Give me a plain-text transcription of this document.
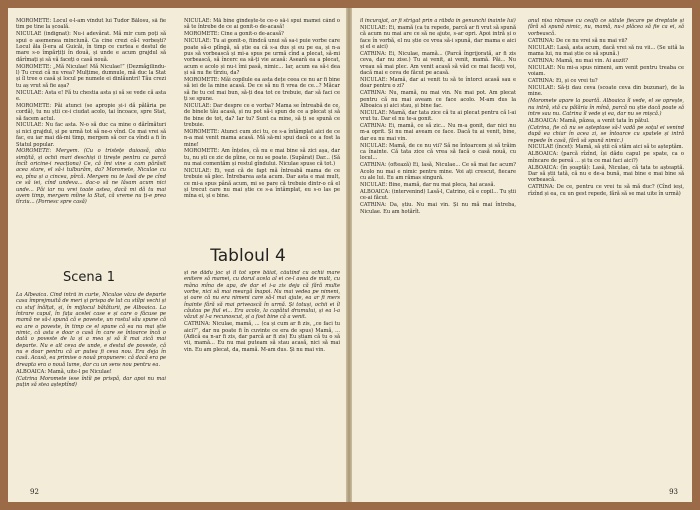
MOROMETE: Locul e-l-am vîndut lui Tudor Bălosu, să fie tim pe tine la școală.

NICULAE (indignat): Nu-i adevărat. Mă mir cum poți să spui o asemenea minciună. Ca cine crezi că-l vorbești? Locul ăla îl-era al Guicăi, în timp ce curtea e destul de mare s-o împărțiți în două, și unde e acum grajdul să dărîmați și să vă faceți o casă nouă.

MOROMETE: „Mă Niculae! Mă Niculae!” (Dezmăgilindu-l) Tu crezi că nu vrea? Mulțime, dumnule, mă duc la Stat și îl tree o casă și locul pe numele ei dinlăuntri! Tău crezi tu aș vrut să fie așa?

NICULAE: Asta e! Fă tu chestia asta și să se vede că asta e.

MOROMETE: Păi atunci (se apropie și-i dă pălăria pe cordă), tu nu știi ce-i ciudat acolo, tai încoace, spre Stat, să facem actul.

NICULAE: Nu fac asta. N-o să duc ca mine o dărîmături și nici grajdul, și pe urmă tot să ne-o vînd. Ce mai vrei să fac, eu iar mai dă-mi timp, mergem să cer ca vîndi a fi în Statul popular.

MOROMETE: Mergem. (Cu o tristețe duioasă, abia simțită, și ochii mari deschiși ii tirește pentru ca parcă încît oricine-i reacționa) Ce, că îmi vine a cam părăsit acea stare, el să-i tulburăm, da? Moromete, Niculae cu ea, pîna și a cincea, pîrcă. Mergem nu te lasă de pe cînd ce să iei, cînd undeva... dac-o să ne lăsam acum nici unde... Păi iar nu vrei toate astea, dacă mi dă tu mai avem timp, mergem mîine la Stat, că vreme nu ți-e prea tîrziu... (Pornesc spre casă)

NICULAE: Mă bine gîndește-te ce-o să-i spui mamei când o să te întrebe de ce ai gonit-o de-acasă!

MOROMETE: Cine a gonit-o de-acasă?

NICULAE: Tu ai gonit-o, fiindcă unui să sa-i puie vorbe care poate să-o plîngă, să știe ea că s-a dus și eu pe ea, și n-a pus să vorbească și mi-a spus pe urmă cînd a plecat, să-mi vorbească, să încerc ea să-ți vie acasă: Aseară ea a plecat, acum e acolo și nu-i îmi pasă, nimic... Iar, acum ea să-i dea și să nu fie tîrziu, da?

MOROMETE: Măi copilule ea asta dețe ceea ce nu ar fi bine să iei de la mine acasă. De ce să nu fi vrea de ce...? Măcar să fie tu cel mai bun, să-ți dea tot ce trebuie, dar să faci ce ți se spune.

NICULAE: Dar despre ce e vorba? Mama se întreabă de ce, de binele tău acasă, și nu pot să-i spun de ce a plecat și să fie bine de tot, da? Iar tu? Sunt ca mine, să ți se spună ce trebuie.

MOROMETE: Atunci cum zici tu, ce s-a întâmplat aici de ce n-a mai venit mama acasă. Mă să-mi spui dacă ce a fost la mine!

MOROMETE: Am înțeles, că nu e mai bine să zici așa, dar tu, nu ști ce zic de pîine, ce nu se poate. (Supărat) Dar... (Să nu mai comentăm și restul gîndului. Niculae spuse că tot.)

NICULAE: Ei, vezi că de fapt mă întreabă mama de ce trebuie să plec. Întrebarea asta acum. Dar asta e mai mult, ce mi-a spus până acum, mi se pare că trebuie dintr-o că el și trecut care nu mai știe ce s-a întâmplat, eu s-o las pe mîna ei, și e bine.

Tabloul 4
Scena 1

La Albeaica. Cînd intră în curte, Niculae văzu de departe casa împrejmuită de meri și prispa de lut cu stîlpi vechi și cu stuf înălțat, și, în mijlocul bătăturii, pe Alboaica. La întrare capul, în fața acelei case e și care o făcuse pe mamă ne să-i spună că e poveste, un rostul său spune că ea are o poveste, în timp ce el spune că ea nu mai știe nimic, că asta e doar o casă în care se întoarce încă o dată o poveste de la și a mea și să îl mai zică mai departe. Nu e alt ceva de unde, e destul de poveste, că nu e doar pentru că ar putea fi ceva nou. Era deja în casă. Acasă, ea primise o nouă propunere: că dacă era pe dreapta era o nouă lume, dar cu un sens nou pentru ea.

ALBOAICA: Mamă, uite-l pe Niculae!

(Catrina Moromete iese întîi pe prispă, dar apoi nu mai puțin să stea așteptînd)

și ne dădu joc și îl tot spre băiat, căutînd cu ochii mare enitere să mamei, cu dorul acela al ei ce-l avea de mult, cu mâna mîna de apa, de dar el i-a zis deja că fără multe vorbe, nici să mai meargă înapoi. Nu mai vedea pe nimeni, și oare că nu era nimeni care să-l mai ajute, ea ar fi mers înainte fără să mai privească în urmă. Și totuși, ochii ei îl căutau pe fiul ei... Era acolo, la capătul drumului, și ea l-a văzut și l-a recunoscut, și a fost bine că a venit.

CATRINA: Niculae, mamă, ... (ca și cum ar fi zis, „ce faci tu aici?”, dar nu poate fi în cuvinte ce era de spus) Mamă, ... (Adică ea n-ar fi zis, dar parcă ar fi zis) Eu știam că tu o să vii, mamă... Eu nu mai puteam să stau acasă, nici să mai vin. Eu am plecat, da, mamă. M-am dus. Și nu mai vin.

92

îl încurajat, ar fi strigat prin a răbda în genunchi înainte lui)

NICULAE: Ei, mamă (ca tu repede, parcă ar fi vrut să spună că acum nu mai are ce să ne ajute, s-ar opri. Apoi intră și o face în vorbă, el nu știe ce vrea să-i spună, dar mama e aici și el e aici)

CATRINA: Ei, Niculae, mamă... (Parcă îngrijorată, ar fi zis ceva, dar nu zise.) Tu ai venit, ai venit, mamă. Păi... Nu vreau să mai plec. Am venit acasă să văd ce mai faceți voi, dacă mai e ceva de făcut pe acasă.

NICULAE: Mamă, dar ai venit tu să te întorci acasă sau e doar pentru o zi?

CATRINA: Nu, mamă, nu mai vin. Nu mai pot. Am plecat pentru că nu mai aveam ce face acolo. M-am dus la Alboaica și aici stau, și bine fac.

NICULAE: Mamă, dar tata zice că tu ai plecat pentru că l-ai vrut tu. Dar el nu te-a gonit.

CATRINA: Ei, mamă, ce să zic... Nu m-a gonit, dar nici nu m-a oprit. Și nu mai aveam ce face. Dacă tu ai venit, bine, dar eu nu mai vin.

NICULAE: Mamă, de ce nu vii? Să ne întoarcem și să trăim ca înainte. Că tata zice că vrea să facă o casă nouă, cu locul...

CATRINA: (oftează) Ei, lasă, Niculae... Ce să mai fac acum? Acolo nu mai e nimic pentru mine. Voi ați crescut, fiecare cu ale lui. Eu am rămas singură.

NICULAE: Bine, mamă, dar nu mai pleca, hai acasă.

ALBOAICA: (intervenind) Lasă-l, Catrino, că e copil... Tu știi ce-ai făcut.

CATRINA: Da, știu. Nu mai vin. Și nu mă mai întreba, Niculae. Eu am hotărît.

anul nisa rămase cu ceafă ce sătule fiecare pe dreptate și fără să spună nimic, nu, mamă, nu-i plăcea să fie ca ei, să vorbească.

CATRINA: De ce nu vrei să nu mai vii?

NICULAE: Lasă, asta acum, dacă vrei să nu vii... (Se uită la mama lui, nu mai știe ce să spună.)

CATRINA: Mamă, nu mai vin. Ai auzit?

NICULAE: Nu mi-a spus nimeni, am venit pentru treaba ce voiam.

CATRINA: Ei, și ce vrei tu?

NICULAE: Să-ți dau ceva (scoate ceva din buzunar), de la mine.

(Moromete apare la poartă. Alboaica îl vede, el se oprește, nu intră, stă cu pălăria în mînă, parcă nu știe dacă poate să intre sau nu. Catrina îl vede și ea, dar nu se mișcă.)

ALBOAICA: Mamă, păzea, a venit tata în pătul.

(Catrina, fie că nu se așteptase să-l vadă pe soțul ei venind după ea chiar în acea zi, se întoarce cu spatele și intră repede în casă, fără să spună nimic.)

NICULAE (încet): Mamă, să știi că stăm aici să te așteptăm.

ALBOAICA: (parcă rîzînd, își dădu capul pe spate, ca o mîncare de pereă ... și tu ce mai faci aici?)

ALBOAICA: (în șoaptă): Lasă, Niculae, că tata te așteaptă. Dar să știi tată, că nu e de-a bună, mai bine e mai bine să vorbească.

CATRINA: De ce, pentru ce vrei tu să mă duc? (Cînd ieși, rîzînd și ea, cu un gest repede, fără să se mai uite în urmă)

93
